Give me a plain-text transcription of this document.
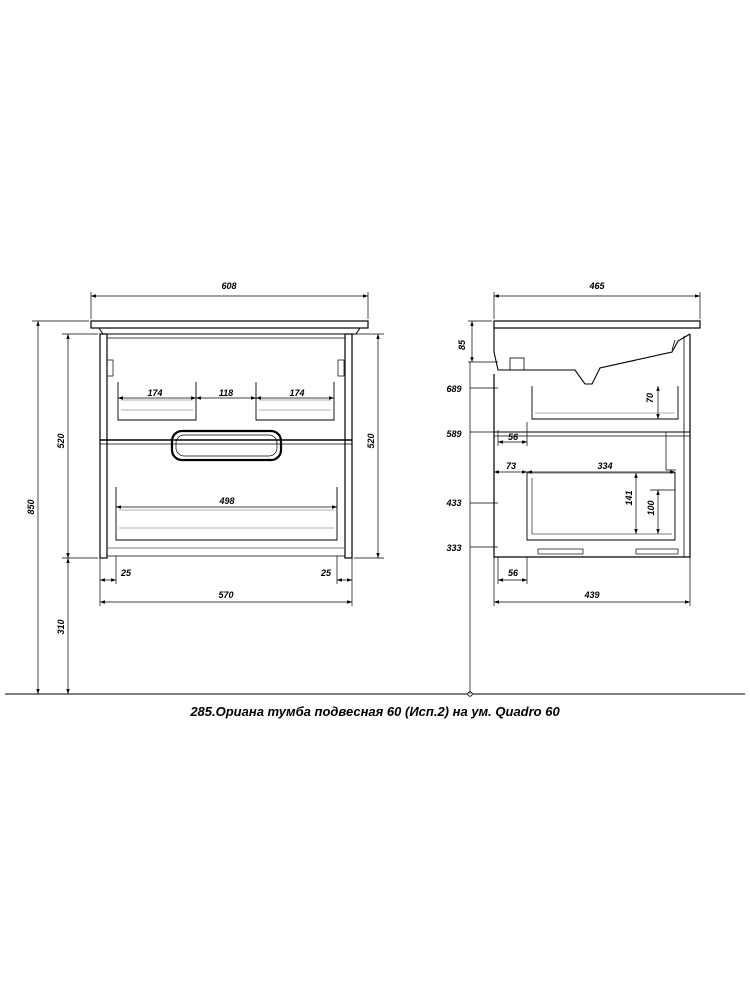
608
850
520
310
520
174	118	174
498
25	25
570
465
85
689
589
433
333
70
56
73	334
141
100
56
439
285.Ориана тумба подвесная 60 (Исп.2) на ум. Quadro 60
